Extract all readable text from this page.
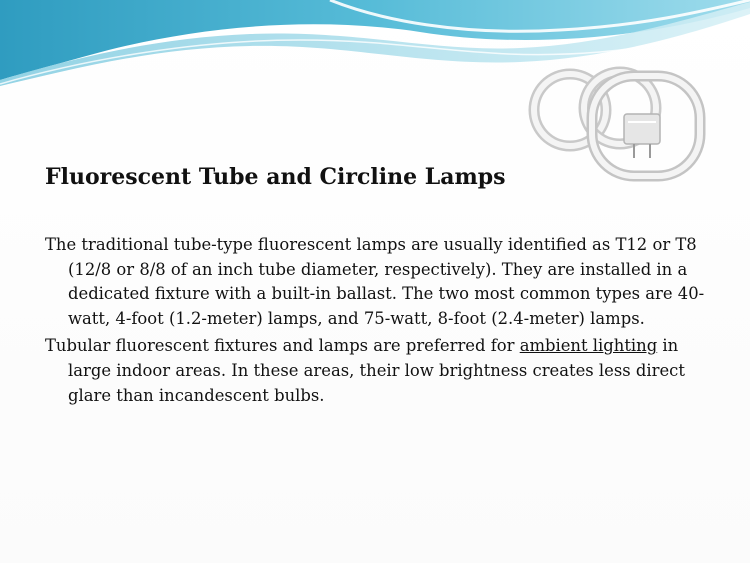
Fluorescent Tube and Circline Lamps

The traditional tube-type fluorescent lamps are usually identified as T12 or T8 (12/8 or 8/8 of an inch tube diameter, respectively). They are installed in a dedicated fixture with a built-in ballast. The two most common types are 40-watt, 4-foot (1.2-meter) lamps, and 75-watt, 8-foot (2.4-meter) lamps.

Tubular fluorescent fixtures and lamps are preferred for ambient lighting in large indoor areas. In these areas, their low brightness creates less direct glare than incandescent bulbs.
